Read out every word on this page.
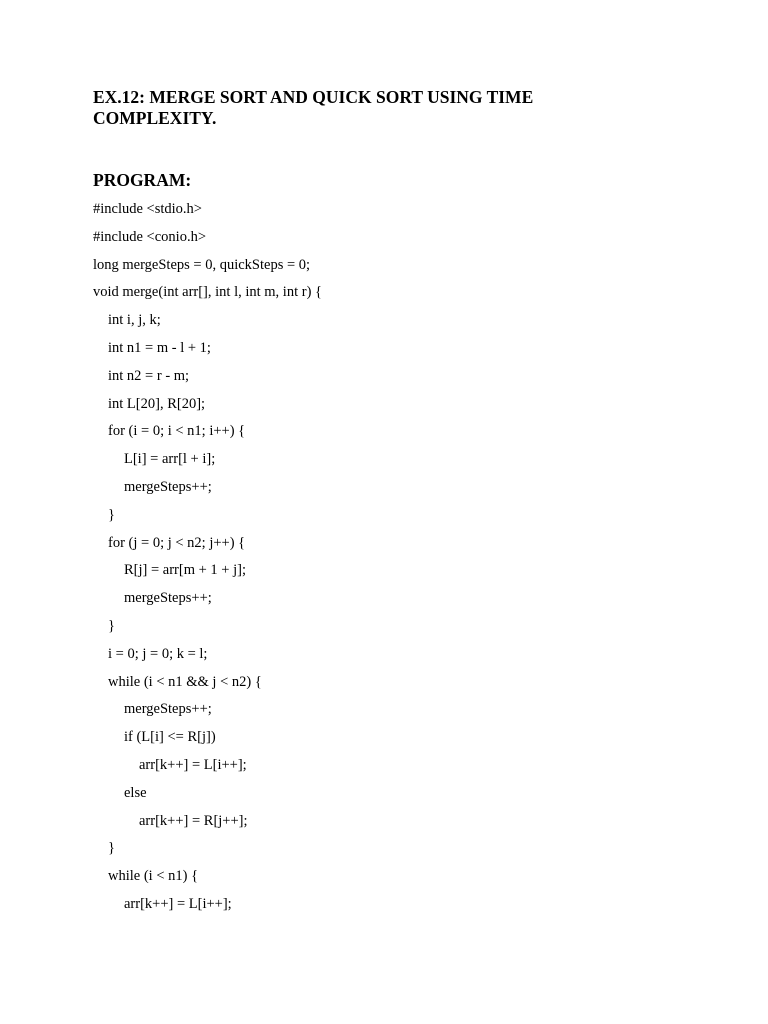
EX.12: MERGE SORT AND QUICK SORT USING TIME COMPLEXITY.
PROGRAM:
#include <stdio.h>
#include <conio.h>
long mergeSteps = 0, quickSteps = 0;
void merge(int arr[], int l, int m, int r) {
int i, j, k;
int n1 = m - l + 1;
int n2 = r - m;
int L[20], R[20];
for (i = 0; i < n1; i++) {
L[i] = arr[l + i];
mergeSteps++;
}
for (j = 0; j < n2; j++) {
R[j] = arr[m + 1 + j];
mergeSteps++;
}
i = 0; j = 0; k = l;
while (i < n1 && j < n2) {
mergeSteps++;
if (L[i] <= R[j])
arr[k++] = L[i++];
else
arr[k++] = R[j++];
}
while (i < n1) {
arr[k++] = L[i++];
